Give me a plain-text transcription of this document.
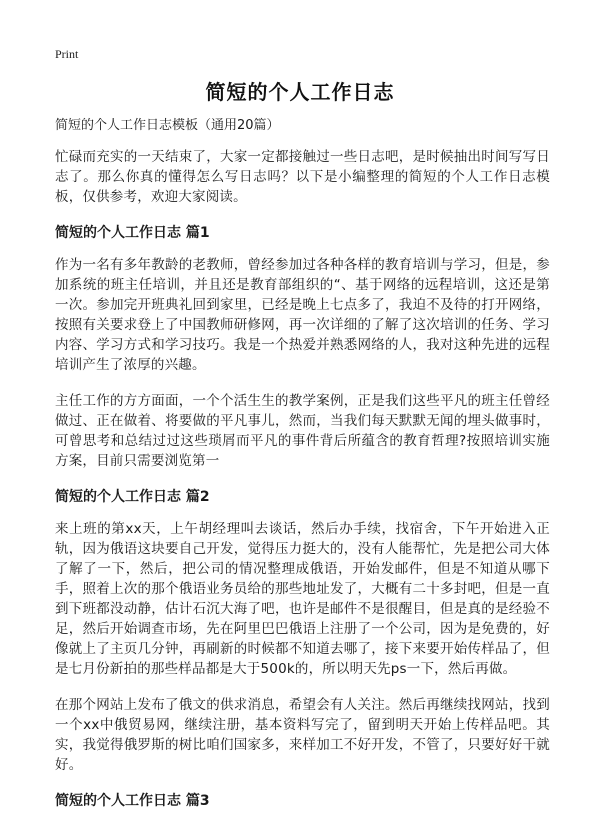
Print
简短的个人工作日志
简短的个人工作日志模板（通用20篇）

忙碌而充实的一天结束了，大家一定都接触过一些日志吧，是时候抽出时间写写日志了。那么你真的懂得怎么写日志吗？以下是小编整理的简短的个人工作日志模板，仅供参考，欢迎大家阅读。

简短的个人工作日志 篇1

作为一名有多年教龄的老教师，曾经参加过各种各样的教育培训与学习，但是，参加系统的班主任培训，并且还是教育部组织的“、基于网络的远程培训，这还是第一次。参加完开班典礼回到家里，已经是晚上七点多了，我迫不及待的打开网络，按照有关要求登上了中国教师研修网，再一次详细的了解了这次培训的任务、学习内容、学习方式和学习技巧。我是一个热爱并熟悉网络的人，我对这种先进的远程培训产生了浓厚的兴趣。

主任工作的方方面面，一个个活生生的教学案例，正是我们这些平凡的班主任曾经做过、正在做着、将要做的平凡事儿，然而，当我们每天默默无闻的埋头做事时，可曾思考和总结过过这些琐屑而平凡的事件背后所蕴含的教育哲理?按照培训实施方案，目前只需要浏览第一

简短的个人工作日志 篇2

来上班的第xx天，上午胡经理叫去谈话，然后办手续，找宿舍，下午开始进入正轨，因为俄语这块要自己开发，觉得压力挺大的，没有人能帮忙，先是把公司大体了解了一下，然后，把公司的情况整理成俄语，开始发邮件，但是不知道从哪下手，照着上次的那个俄语业务员给的那些地址发了，大概有二十多封吧，但是一直到下班都没动静，估计石沉大海了吧，也许是邮件不是很醒目，但是真的是经验不足，然后开始调查市场，先在阿里巴巴俄语上注册了一个公司，因为是免费的，好像就上了主页几分钟，再刷新的时候都不知道去哪了，接下来要开始传样品了，但是七月份新拍的那些样品都是大于500k的，所以明天先ps一下，然后再做。

在那个网站上发布了俄文的供求消息，希望会有人关注。然后再继续找网站，找到一个xx中俄贸易网，继续注册，基本资料写完了，留到明天开始上传样品吧。其实，我觉得俄罗斯的树比咱们国家多，来样加工不好开发，不管了，只要好好干就好。

简短的个人工作日志 篇3
